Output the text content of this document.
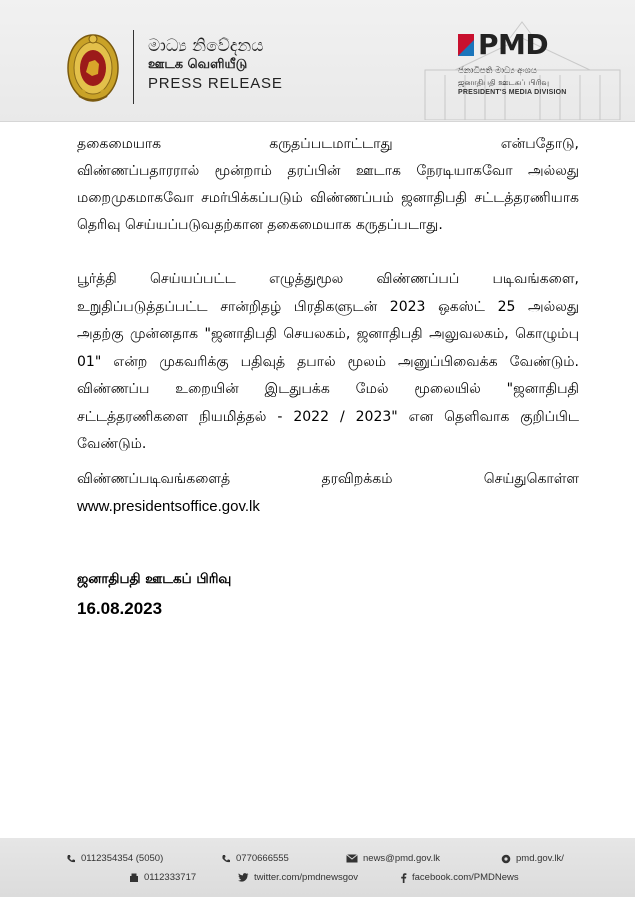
මාධ්‍ය නිවේදනය
ஊடக வெளியீடு
PRESS RELEASE
PMD
ජනාධිපති මාධ්‍ය අංශය
ஜனாதிபதி ஊடகப் பிரிவு
PRESIDENT'S MEDIA DIVISION
தகைமையாக கருதப்படமாட்டாது என்பதோடு,
விண்ணப்பதாரரால் மூன்றாம் தரப்பின் ஊடாக நேரடியாகவோ அல்லது மறைமுகமாகவோ சமர்பிக்கப்படும் விண்ணப்பம் ஜனாதிபதி சட்டத்தரணியாக தெரிவு செய்யப்படுவதற்கான தகைமையாக கருதப்படாது.
பூர்த்தி செய்யப்பட்ட எழுத்துமூல விண்ணப்பப் படிவங்களை, உறுதிப்படுத்தப்பட்ட சான்றிதழ் பிரதிகளுடன் 2023 ஒகஸ்ட் 25 அல்லது அதற்கு முன்னதாக "ஜனாதிபதி செயலகம், ஜனாதிபதி அலுவலகம், கொழும்பு 01" என்ற முகவரிக்கு பதிவுத் தபால் மூலம் அனுப்பிவைக்க வேண்டும். விண்ணப்ப உறையின் இடதுபக்க மேல் மூலையில் "ஜனாதிபதி சட்டத்தரணிகளை நியமித்தல் - 2022 / 2023" என தெளிவாக குறிப்பிட வேண்டும்.
விண்ணப்படிவங்களைத் தரவிறக்கம் செய்துகொள்ள
www.presidentsoffice.gov.lk
ஜனாதிபதி ஊடகப் பிரிவு
16.08.2023
0112354354 (5050)	0770666555	news@pmd.gov.lk	pmd.gov.lk/
0112333717	twitter.com/pmdnewsgov	facebook.com/PMDNews
